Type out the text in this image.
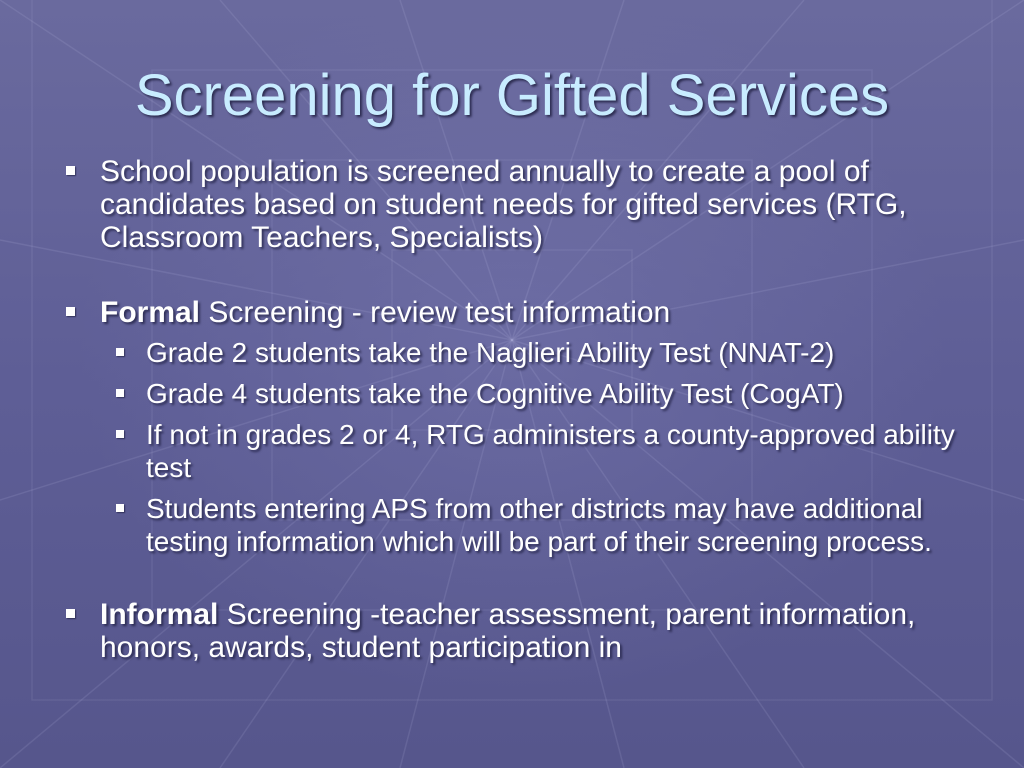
Screening for Gifted Services
School population is screened annually to create a pool of candidates based on student needs for gifted services (RTG, Classroom Teachers, Specialists)
Formal Screening - review test information
Grade 2 students take the Naglieri Ability Test (NNAT-2)
Grade 4 students take the Cognitive Ability Test (CogAT)
If not in grades 2 or 4, RTG administers a county-approved ability test
Students entering APS from other districts may have additional testing information which will be part of their screening process.
Informal Screening -teacher assessment, parent information, honors, awards, student participation in
